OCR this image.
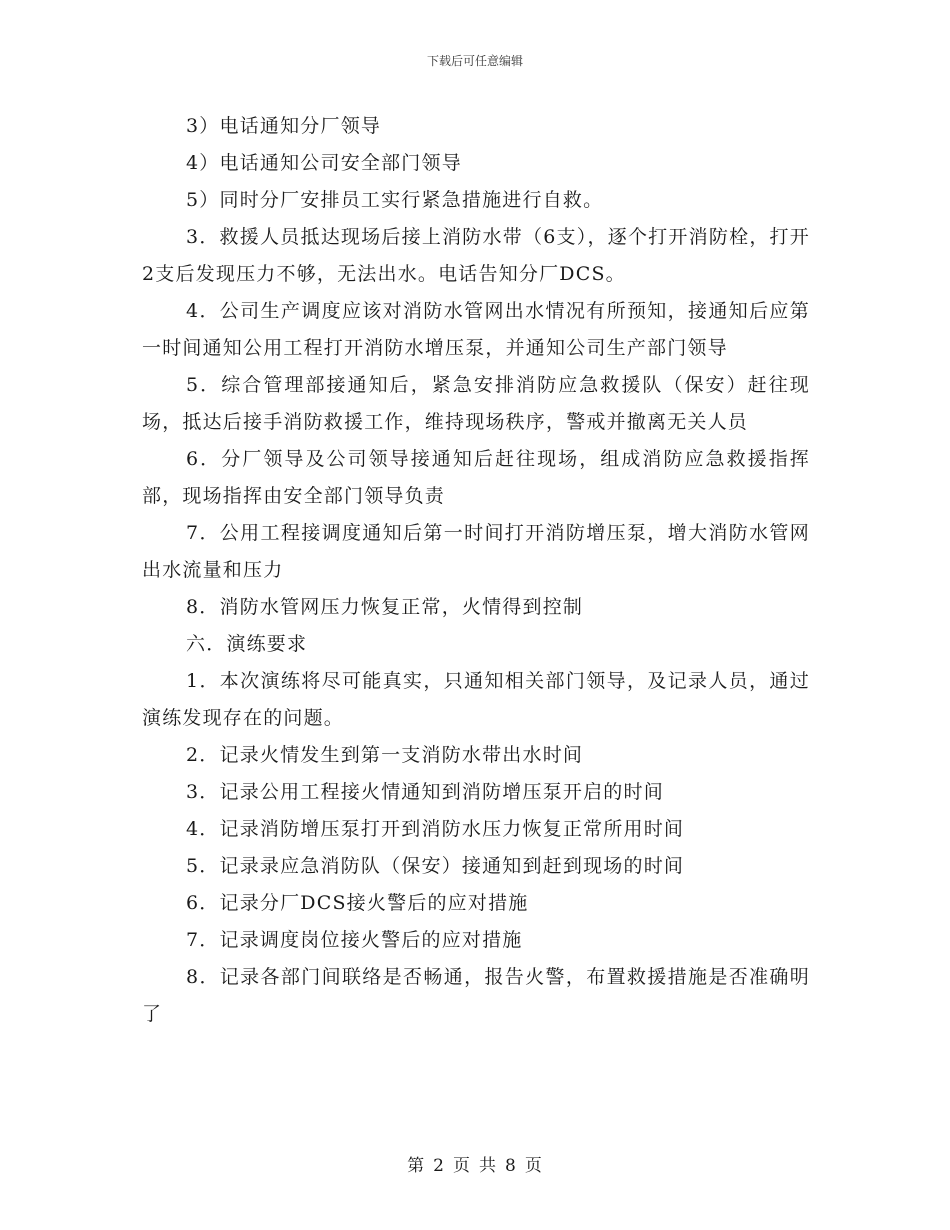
下载后可任意编辑

3）电话通知分厂领导

4）电话通知公司安全部门领导

5）同时分厂安排员工实行紧急措施进行自救。

3．救援人员抵达现场后接上消防水带（6支），逐个打开消防栓，打开2支后发现压力不够，无法出水。电话告知分厂DCS。

4．公司生产调度应该对消防水管网出水情况有所预知，接通知后应第一时间通知公用工程打开消防水增压泵，并通知公司生产部门领导

5．综合管理部接通知后，紧急安排消防应急救援队（保安）赶往现场，抵达后接手消防救援工作，维持现场秩序，警戒并撤离无关人员

6．分厂领导及公司领导接通知后赶往现场，组成消防应急救援指挥部，现场指挥由安全部门领导负责

7．公用工程接调度通知后第一时间打开消防增压泵，增大消防水管网出水流量和压力

8．消防水管网压力恢复正常，火情得到控制

六．演练要求

1．本次演练将尽可能真实，只通知相关部门领导，及记录人员，通过演练发现存在的问题。

2．记录火情发生到第一支消防水带出水时间

3．记录公用工程接火情通知到消防增压泵开启的时间

4．记录消防增压泵打开到消防水压力恢复正常所用时间

5．记录录应急消防队（保安）接通知到赶到现场的时间

6．记录分厂DCS接火警后的应对措施

7．记录调度岗位接火警后的应对措施

8．记录各部门间联络是否畅通，报告火警，布置救援措施是否准确明了

第 2 页 共 8 页
